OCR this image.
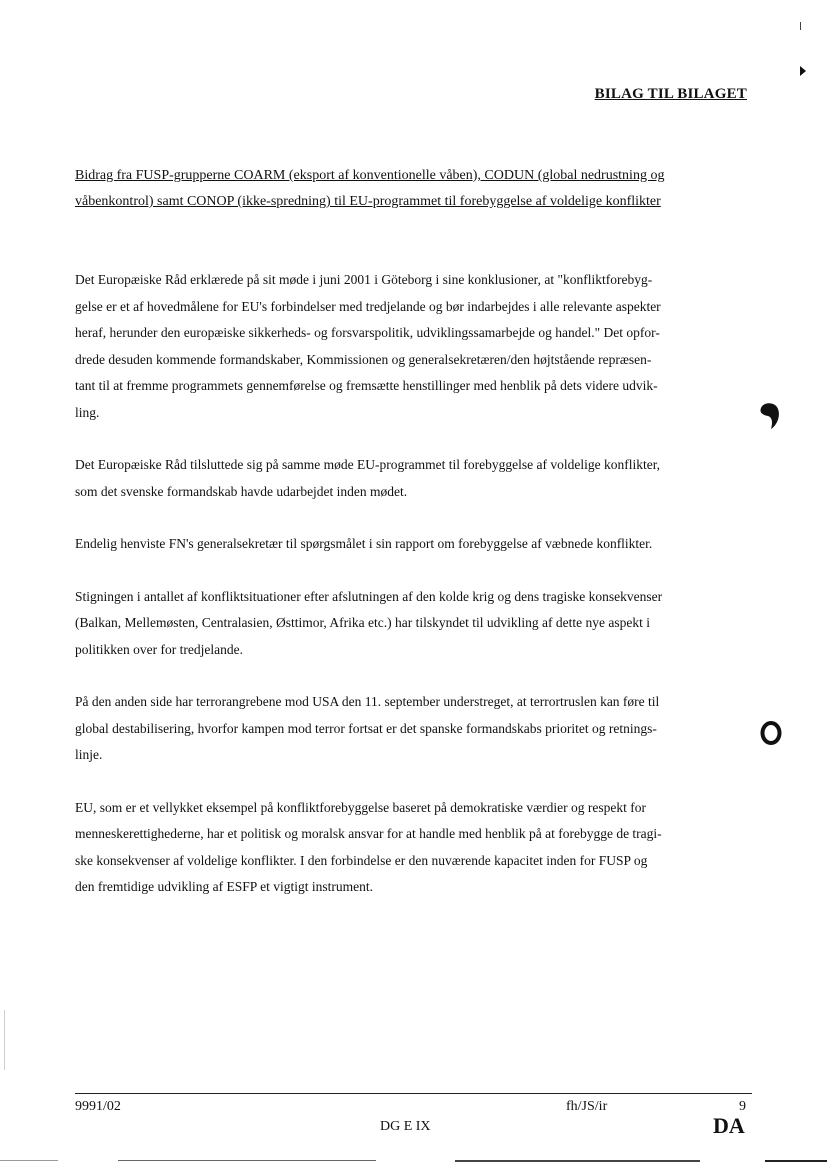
BILAG TIL BILAGET
Bidrag fra FUSP-grupperne COARM (eksport af konventionelle våben), CODUN (global nedrustning og
våbenkontrol) samt CONOP (ikke-spredning) til EU-programmet til forebyggelse af voldelige konflikter
Det Europæiske Råd erklærede på sit møde i juni 2001 i Göteborg i sine konklusioner, at "konfliktforebyg-
gelse er et af hovedmålene for EU's forbindelser med tredjelande og bør indarbejdes i alle relevante aspekter
heraf, herunder den europæiske sikkerheds- og forsvarspolitik, udviklingssamarbejde og handel." Det opfor-
drede desuden kommende formandskaber, Kommissionen og generalsekretæren/den højtstående repræsen-
tant til at fremme programmets gennemførelse og fremsætte henstillinger med henblik på dets videre udvik-
ling.
Det Europæiske Råd tilsluttede sig på samme møde EU-programmet til forebyggelse af voldelige konflikter,
som det svenske formandskab havde udarbejdet inden mødet.
Endelig henviste FN's generalsekretær til spørgsmålet i sin rapport om forebyggelse af væbnede konflikter.
Stigningen i antallet af konfliktsituationer efter afslutningen af den kolde krig og dens tragiske konsekvenser
(Balkan, Mellemøsten, Centralasien, Østtimor, Afrika etc.) har tilskyndet til udvikling af dette nye aspekt i
politikken over for tredjelande.
På den anden side har terrorangrebene mod USA den 11. september understreget, at terrortruslen kan føre til
global destabilisering, hvorfor kampen mod terror fortsat er det spanske formandskabs prioritet og retnings-
linje.
EU, som er et vellykket eksempel på konfliktforebyggelse baseret på demokratiske værdier og respekt for
menneskerettighederne, har et politisk og moralsk ansvar for at handle med henblik på at forebygge de tragi-
ske konsekvenser af voldelige konflikter. I den forbindelse er den nuværende kapacitet inden for FUSP og
den fremtidige udvikling af ESFP et vigtigt instrument.
9991/02	fh/JS/ir	9
DG E IX	DA
